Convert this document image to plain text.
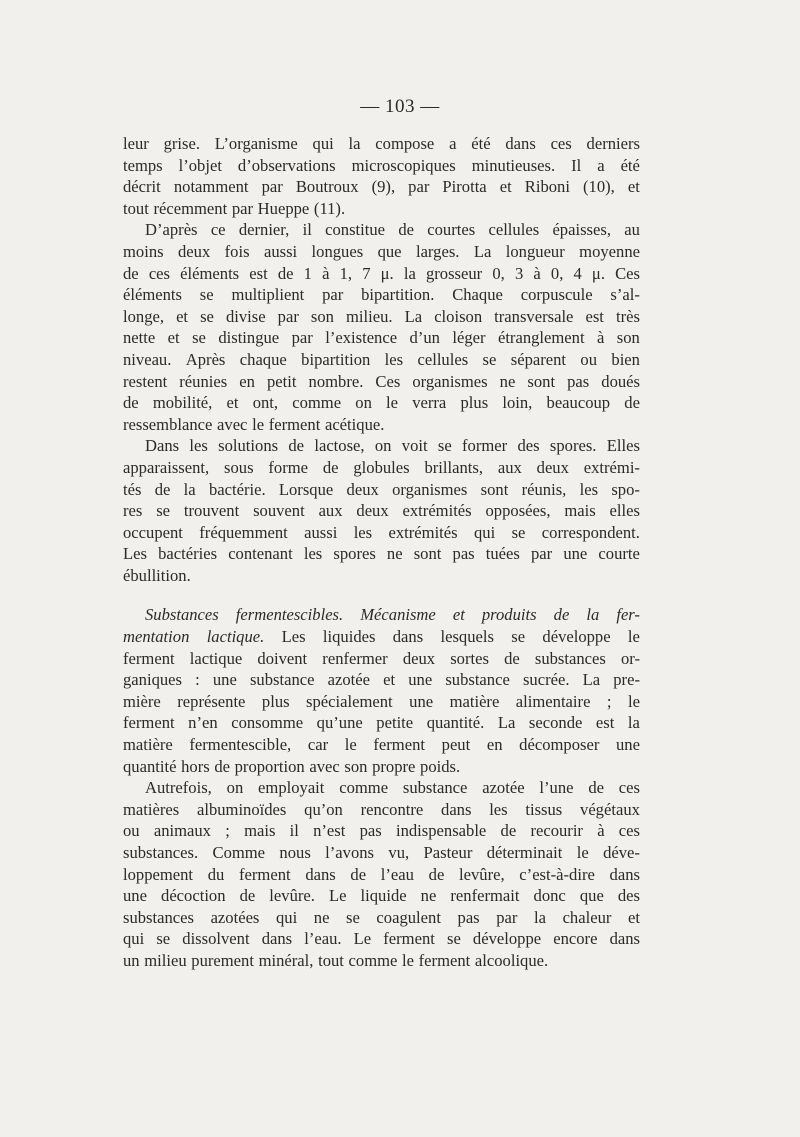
— 103 —
leur grise. L’organisme qui la compose a été dans ces derniers
temps l’objet d’observations microscopiques minutieuses. Il a été
décrit notamment par Boutroux (9), par Pirotta et Riboni (10), et
tout récemment par Hueppe (11).
D’après ce dernier, il constitue de courtes cellules épaisses, au
moins deux fois aussi longues que larges. La longueur moyenne
de ces éléments est de 1 à 1, 7 μ. la grosseur 0, 3 à 0, 4 μ. Ces
éléments se multiplient par bipartition. Chaque corpuscule s’al-
longe, et se divise par son milieu. La cloison transversale est très
nette et se distingue par l’existence d’un léger étranglement à son
niveau. Après chaque bipartition les cellules se séparent ou bien
restent réunies en petit nombre. Ces organismes ne sont pas doués
de mobilité, et ont, comme on le verra plus loin, beaucoup de
ressemblance avec le ferment acétique.
Dans les solutions de lactose, on voit se former des spores. Elles
apparaissent, sous forme de globules brillants, aux deux extrémi-
tés de la bactérie. Lorsque deux organismes sont réunis, les spo-
res se trouvent souvent aux deux extrémités opposées, mais elles
occupent fréquemment aussi les extrémités qui se correspondent.
Les bactéries contenant les spores ne sont pas tuées par une courte
ébullition.
Substances fermentescibles. Mécanisme et produits de la fer-
mentation lactique. Les liquides dans lesquels se développe le
ferment lactique doivent renfermer deux sortes de substances or-
ganiques : une substance azotée et une substance sucrée. La pre-
mière représente plus spécialement une matière alimentaire ; le
ferment n’en consomme qu’une petite quantité. La seconde est la
matière fermentescible, car le ferment peut en décomposer une
quantité hors de proportion avec son propre poids.
Autrefois, on employait comme substance azotée l’une de ces
matières albuminoïdes qu’on rencontre dans les tissus végétaux
ou animaux ; mais il n’est pas indispensable de recourir à ces
substances. Comme nous l’avons vu, Pasteur déterminait le déve-
loppement du ferment dans de l’eau de levûre, c’est-à-dire dans
une décoction de levûre. Le liquide ne renfermait donc que des
substances azotées qui ne se coagulent pas par la chaleur et
qui se dissolvent dans l’eau. Le ferment se développe encore dans
un milieu purement minéral, tout comme le ferment alcoolique.
